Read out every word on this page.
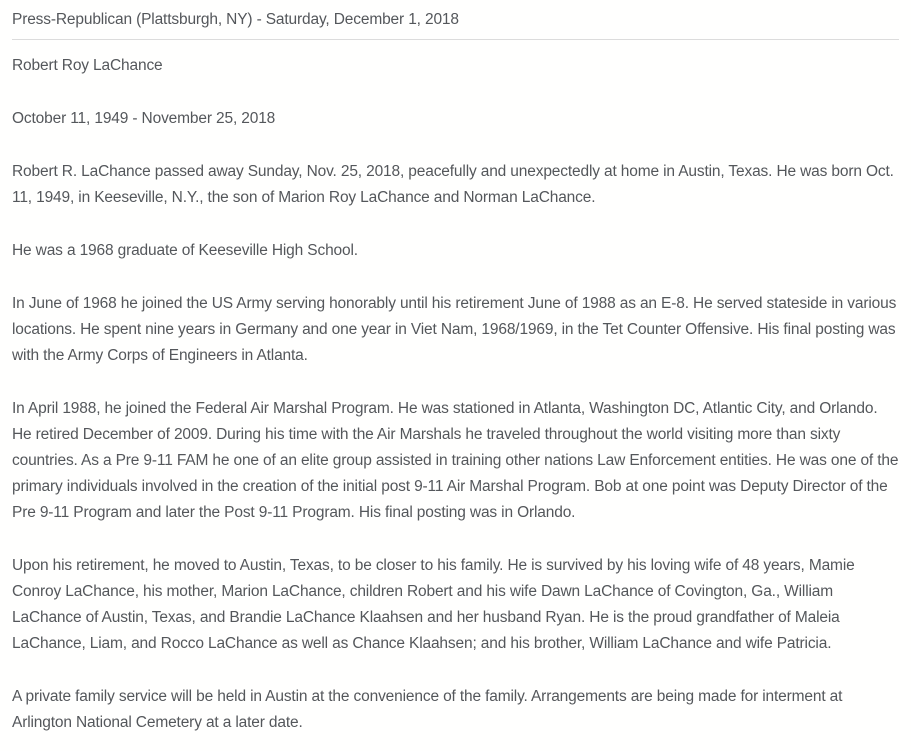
Press-Republican (Plattsburgh, NY) - Saturday, December 1, 2018

Robert Roy LaChance

October 11, 1949 - November 25, 2018

Robert R. LaChance passed away Sunday, Nov. 25, 2018, peacefully and unexpectedly at home in Austin, Texas. He was born Oct. 11, 1949, in Keeseville, N.Y., the son of Marion Roy LaChance and Norman LaChance.

He was a 1968 graduate of Keeseville High School.

In June of 1968 he joined the US Army serving honorably until his retirement June of 1988 as an E-8. He served stateside in various locations. He spent nine years in Germany and one year in Viet Nam, 1968/1969, in the Tet Counter Offensive. His final posting was with the Army Corps of Engineers in Atlanta.

In April 1988, he joined the Federal Air Marshal Program. He was stationed in Atlanta, Washington DC, Atlantic City, and Orlando. He retired December of 2009. During his time with the Air Marshals he traveled throughout the world visiting more than sixty countries. As a Pre 9-11 FAM he one of an elite group assisted in training other nations Law Enforcement entities. He was one of the primary individuals involved in the creation of the initial post 9-11 Air Marshal Program. Bob at one point was Deputy Director of the Pre 9-11 Program and later the Post 9-11 Program. His final posting was in Orlando.

Upon his retirement, he moved to Austin, Texas, to be closer to his family. He is survived by his loving wife of 48 years, Mamie Conroy LaChance, his mother, Marion LaChance, children Robert and his wife Dawn LaChance of Covington, Ga., William LaChance of Austin, Texas, and Brandie LaChance Klaahsen and her husband Ryan. He is the proud grandfather of Maleia LaChance, Liam, and Rocco LaChance as well as Chance Klaahsen; and his brother, William LaChance and wife Patricia.

A private family service will be held in Austin at the convenience of the family. Arrangements are being made for interment at Arlington National Cemetery at a later date.
